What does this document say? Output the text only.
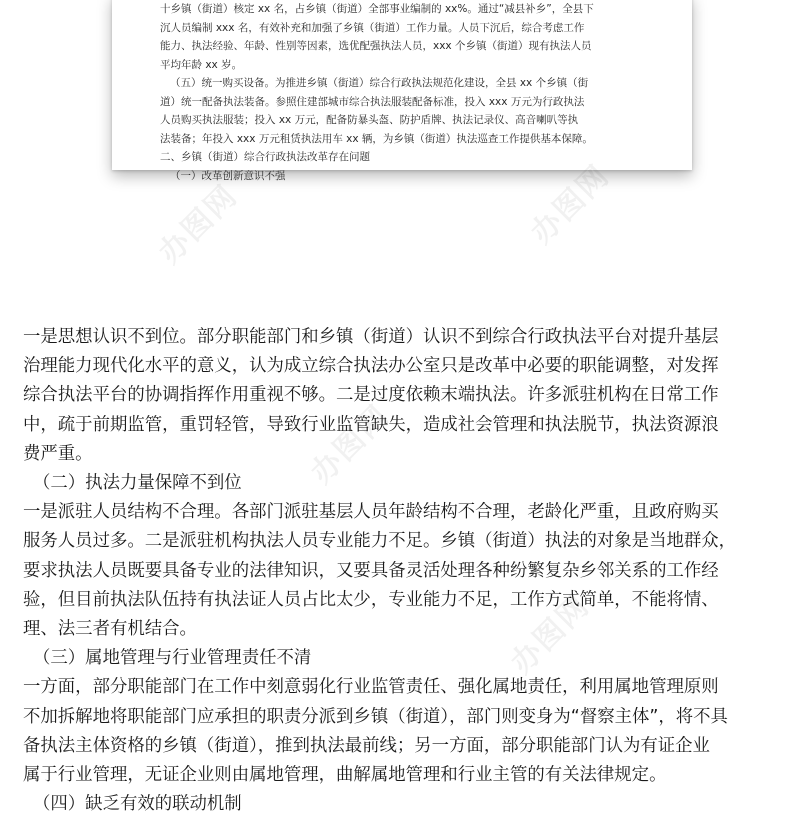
十乡镇（街道）核定 xx 名，占乡镇（街道）全部事业编制的 xx%。通过“减县补乡”，全县下

沉人员编制 xxx 名，有效补充和加强了乡镇（街道）工作力量。人员下沉后，综合考虑工作

能力、执法经验、年龄、性别等因素，选优配强执法人员，xxx 个乡镇（街道）现有执法人员

平均年龄 xx 岁。

（五）统一购买设备。为推进乡镇（街道）综合行政执法规范化建设，全县 xx 个乡镇（街

道）统一配备执法装备。参照住建部城市综合执法服装配备标准，投入 xxx 万元为行政执法

人员购买执法服装；投入 xx 万元，配备防暴头盔、防护盾牌、执法记录仪、高音喇叭等执

法装备；年投入 xxx 万元租赁执法用车 xx 辆，为乡镇（街道）执法巡查工作提供基本保障。

二、乡镇（街道）综合行政执法改革存在问题

（一）改革创新意识不强

办图网	办图网
办图网
办图网

一是思想认识不到位。部分职能部门和乡镇（街道）认识不到综合行政执法平台对提升基层

治理能力现代化水平的意义，认为成立综合执法办公室只是改革中必要的职能调整，对发挥

综合执法平台的协调指挥作用重视不够。二是过度依赖末端执法。许多派驻机构在日常工作

中，疏于前期监管，重罚轻管，导致行业监管缺失，造成社会管理和执法脱节，执法资源浪

费严重。

（二）执法力量保障不到位

一是派驻人员结构不合理。各部门派驻基层人员年龄结构不合理，老龄化严重，且政府购买

服务人员过多。二是派驻机构执法人员专业能力不足。乡镇（街道）执法的对象是当地群众，

要求执法人员既要具备专业的法律知识，又要具备灵活处理各种纷繁复杂乡邻关系的工作经

验，但目前执法队伍持有执法证人员占比太少，专业能力不足，工作方式简单，不能将情、

理、法三者有机结合。

（三）属地管理与行业管理责任不清

一方面，部分职能部门在工作中刻意弱化行业监管责任、强化属地责任，利用属地管理原则

不加拆解地将职能部门应承担的职责分派到乡镇（街道），部门则变身为“督察主体”，将不具

备执法主体资格的乡镇（街道），推到执法最前线；另一方面，部分职能部门认为有证企业

属于行业管理，无证企业则由属地管理，曲解属地管理和行业主管的有关法律规定。

（四）缺乏有效的联动机制
